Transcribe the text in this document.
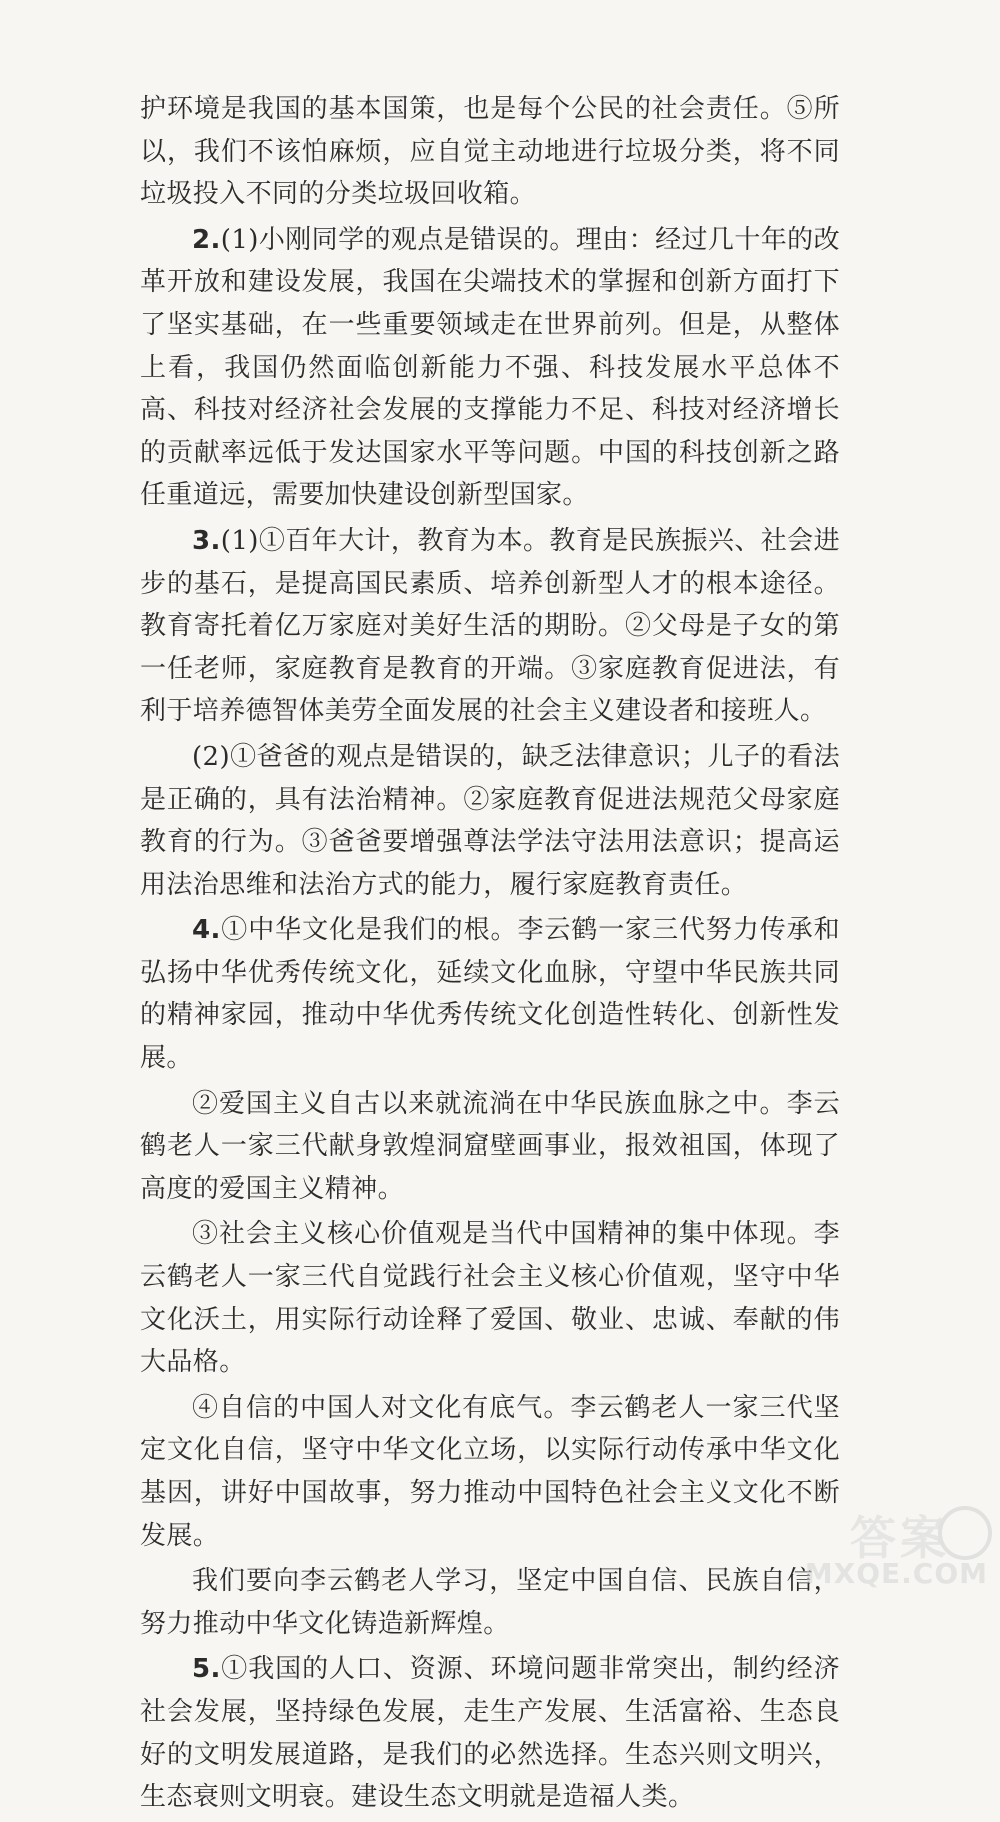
护环境是我国的基本国策，也是每个公民的社会责任。⑤所以，我们不该怕麻烦，应自觉主动地进行垃圾分类，将不同垃圾投入不同的分类垃圾回收箱。

2.(1)小刚同学的观点是错误的。理由：经过几十年的改革开放和建设发展，我国在尖端技术的掌握和创新方面打下了坚实基础，在一些重要领域走在世界前列。但是，从整体上看，我国仍然面临创新能力不强、科技发展水平总体不高、科技对经济社会发展的支撑能力不足、科技对经济增长的贡献率远低于发达国家水平等问题。中国的科技创新之路任重道远，需要加快建设创新型国家。

3.(1)①百年大计，教育为本。教育是民族振兴、社会进步的基石，是提高国民素质、培养创新型人才的根本途径。教育寄托着亿万家庭对美好生活的期盼。②父母是子女的第一任老师，家庭教育是教育的开端。③家庭教育促进法，有利于培养德智体美劳全面发展的社会主义建设者和接班人。

(2)①爸爸的观点是错误的，缺乏法律意识；儿子的看法是正确的，具有法治精神。②家庭教育促进法规范父母家庭教育的行为。③爸爸要增强尊法学法守法用法意识；提高运用法治思维和法治方式的能力，履行家庭教育责任。

4.①中华文化是我们的根。李云鹤一家三代努力传承和弘扬中华优秀传统文化，延续文化血脉，守望中华民族共同的精神家园，推动中华优秀传统文化创造性转化、创新性发展。

②爱国主义自古以来就流淌在中华民族血脉之中。李云鹤老人一家三代献身敦煌洞窟壁画事业，报效祖国，体现了高度的爱国主义精神。

③社会主义核心价值观是当代中国精神的集中体现。李云鹤老人一家三代自觉践行社会主义核心价值观，坚守中华文化沃土，用实际行动诠释了爱国、敬业、忠诚、奉献的伟大品格。

④自信的中国人对文化有底气。李云鹤老人一家三代坚定文化自信，坚守中华文化立场，以实际行动传承中华文化基因，讲好中国故事，努力推动中国特色社会主义文化不断发展。

我们要向李云鹤老人学习，坚定中国自信、民族自信，努力推动中华文化铸造新辉煌。

5.①我国的人口、资源、环境问题非常突出，制约经济社会发展，坚持绿色发展，走生产发展、生活富裕、生态良好的文明发展道路，是我们的必然选择。生态兴则文明兴，生态衰则文明衰。建设生态文明就是造福人类。

答案
MXQE.COM
